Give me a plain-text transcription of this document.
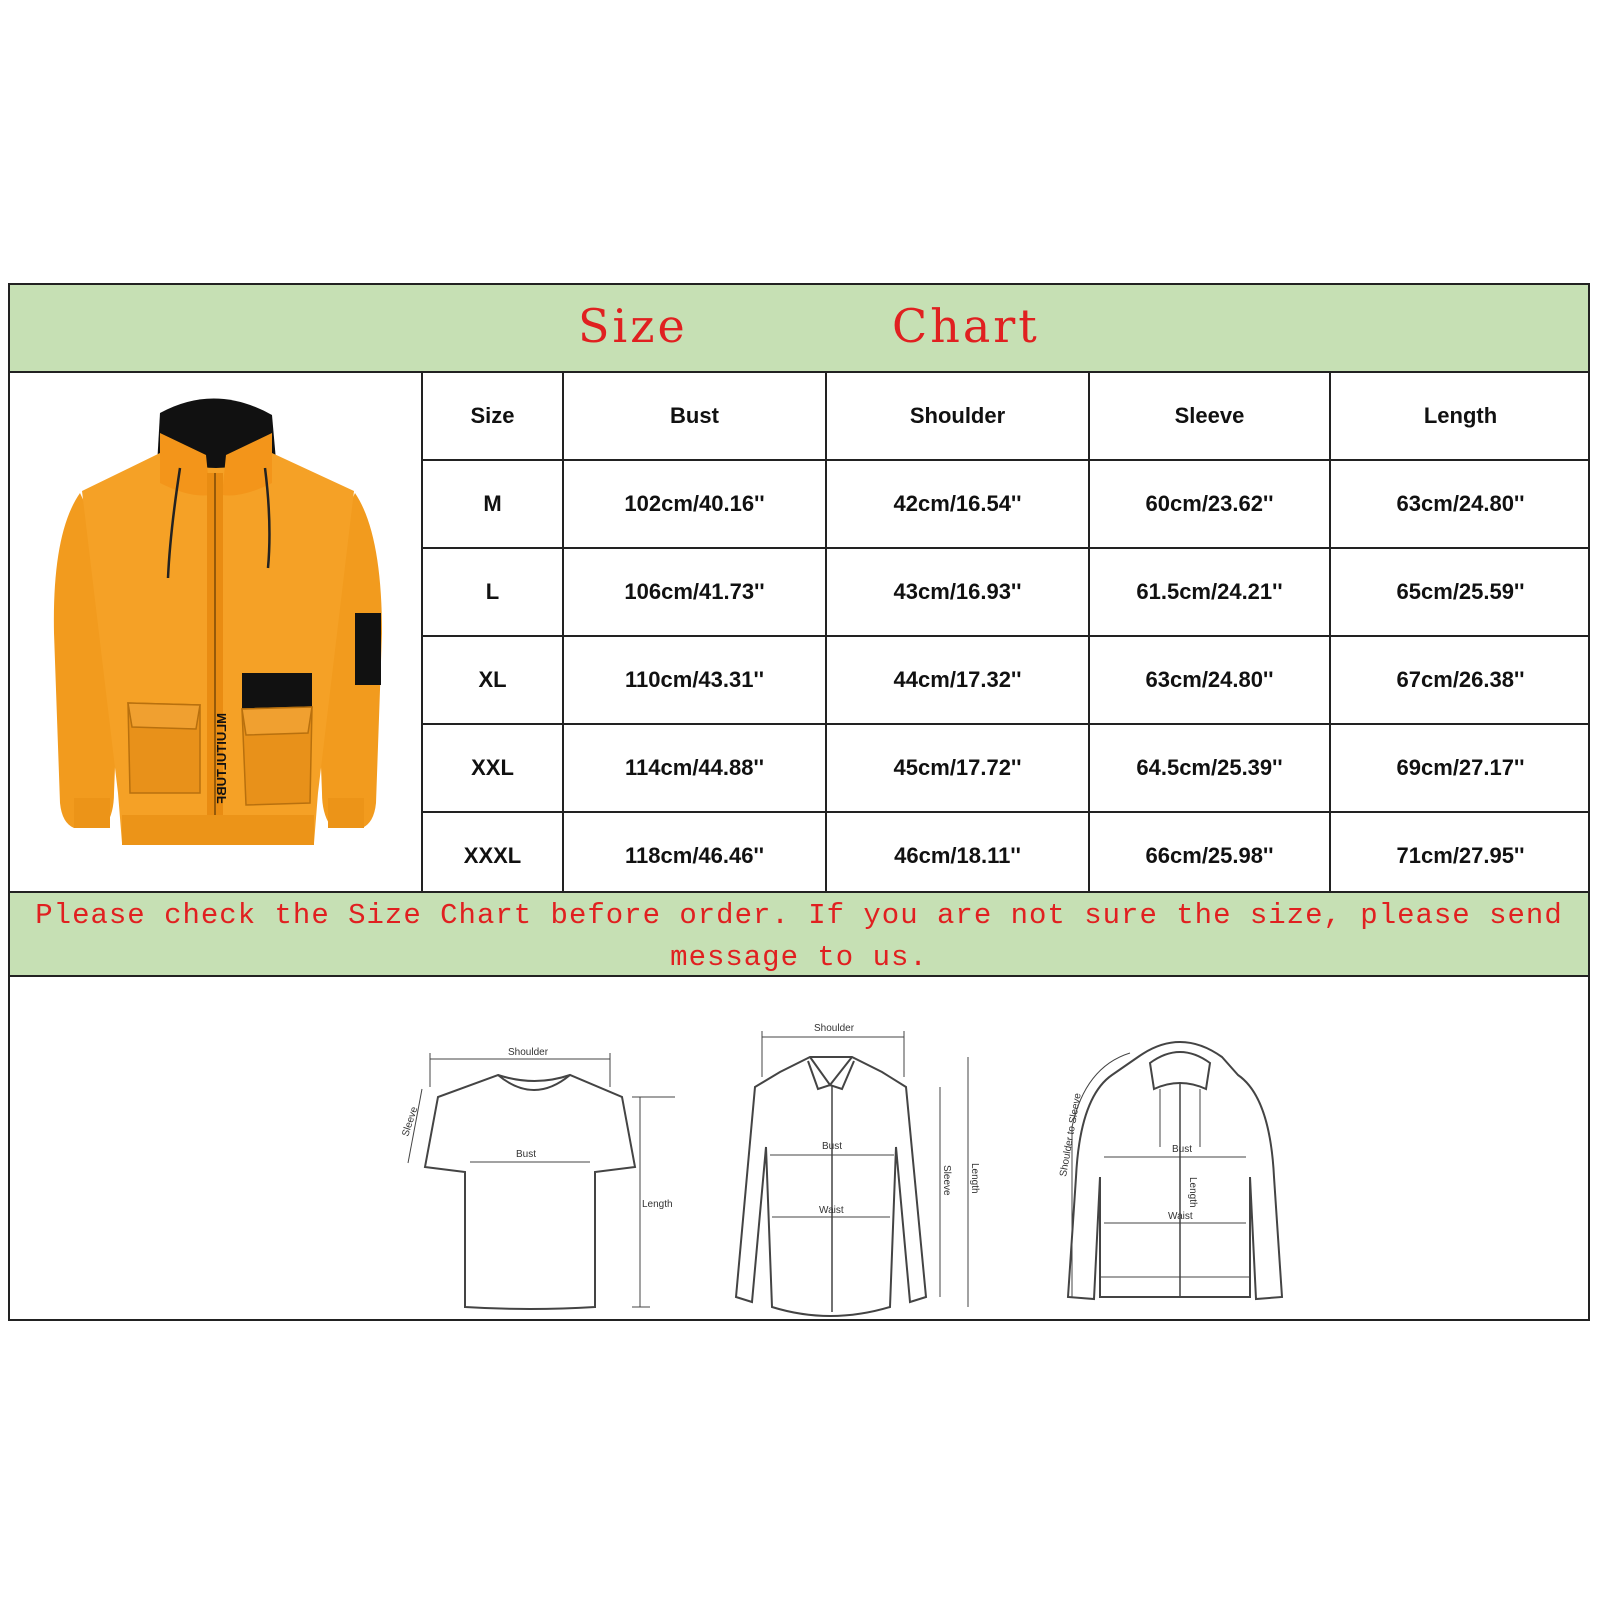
Size	Chart
MLUITULTUBF
Size	Bust	Shoulder	Sleeve	Length
M	102cm/40.16''	42cm/16.54''	60cm/23.62''	63cm/24.80''
L	106cm/41.73''	43cm/16.93''	61.5cm/24.21''	65cm/25.59''
XL	110cm/43.31''	44cm/17.32''	63cm/24.80''	67cm/26.38''
XXL	114cm/44.88''	45cm/17.72''	64.5cm/25.39''	69cm/27.17''
XXXL	118cm/46.46''	46cm/18.11''	66cm/25.98''	71cm/27.95''
Please check the Size Chart before order. If you are not sure the size, please send message to us.
Shoulder
Sleeve
Bust
Length
Shoulder
Bust
Waist
Sleeve Length
Shoulder to Sleeve	Bust
Length
Waist
